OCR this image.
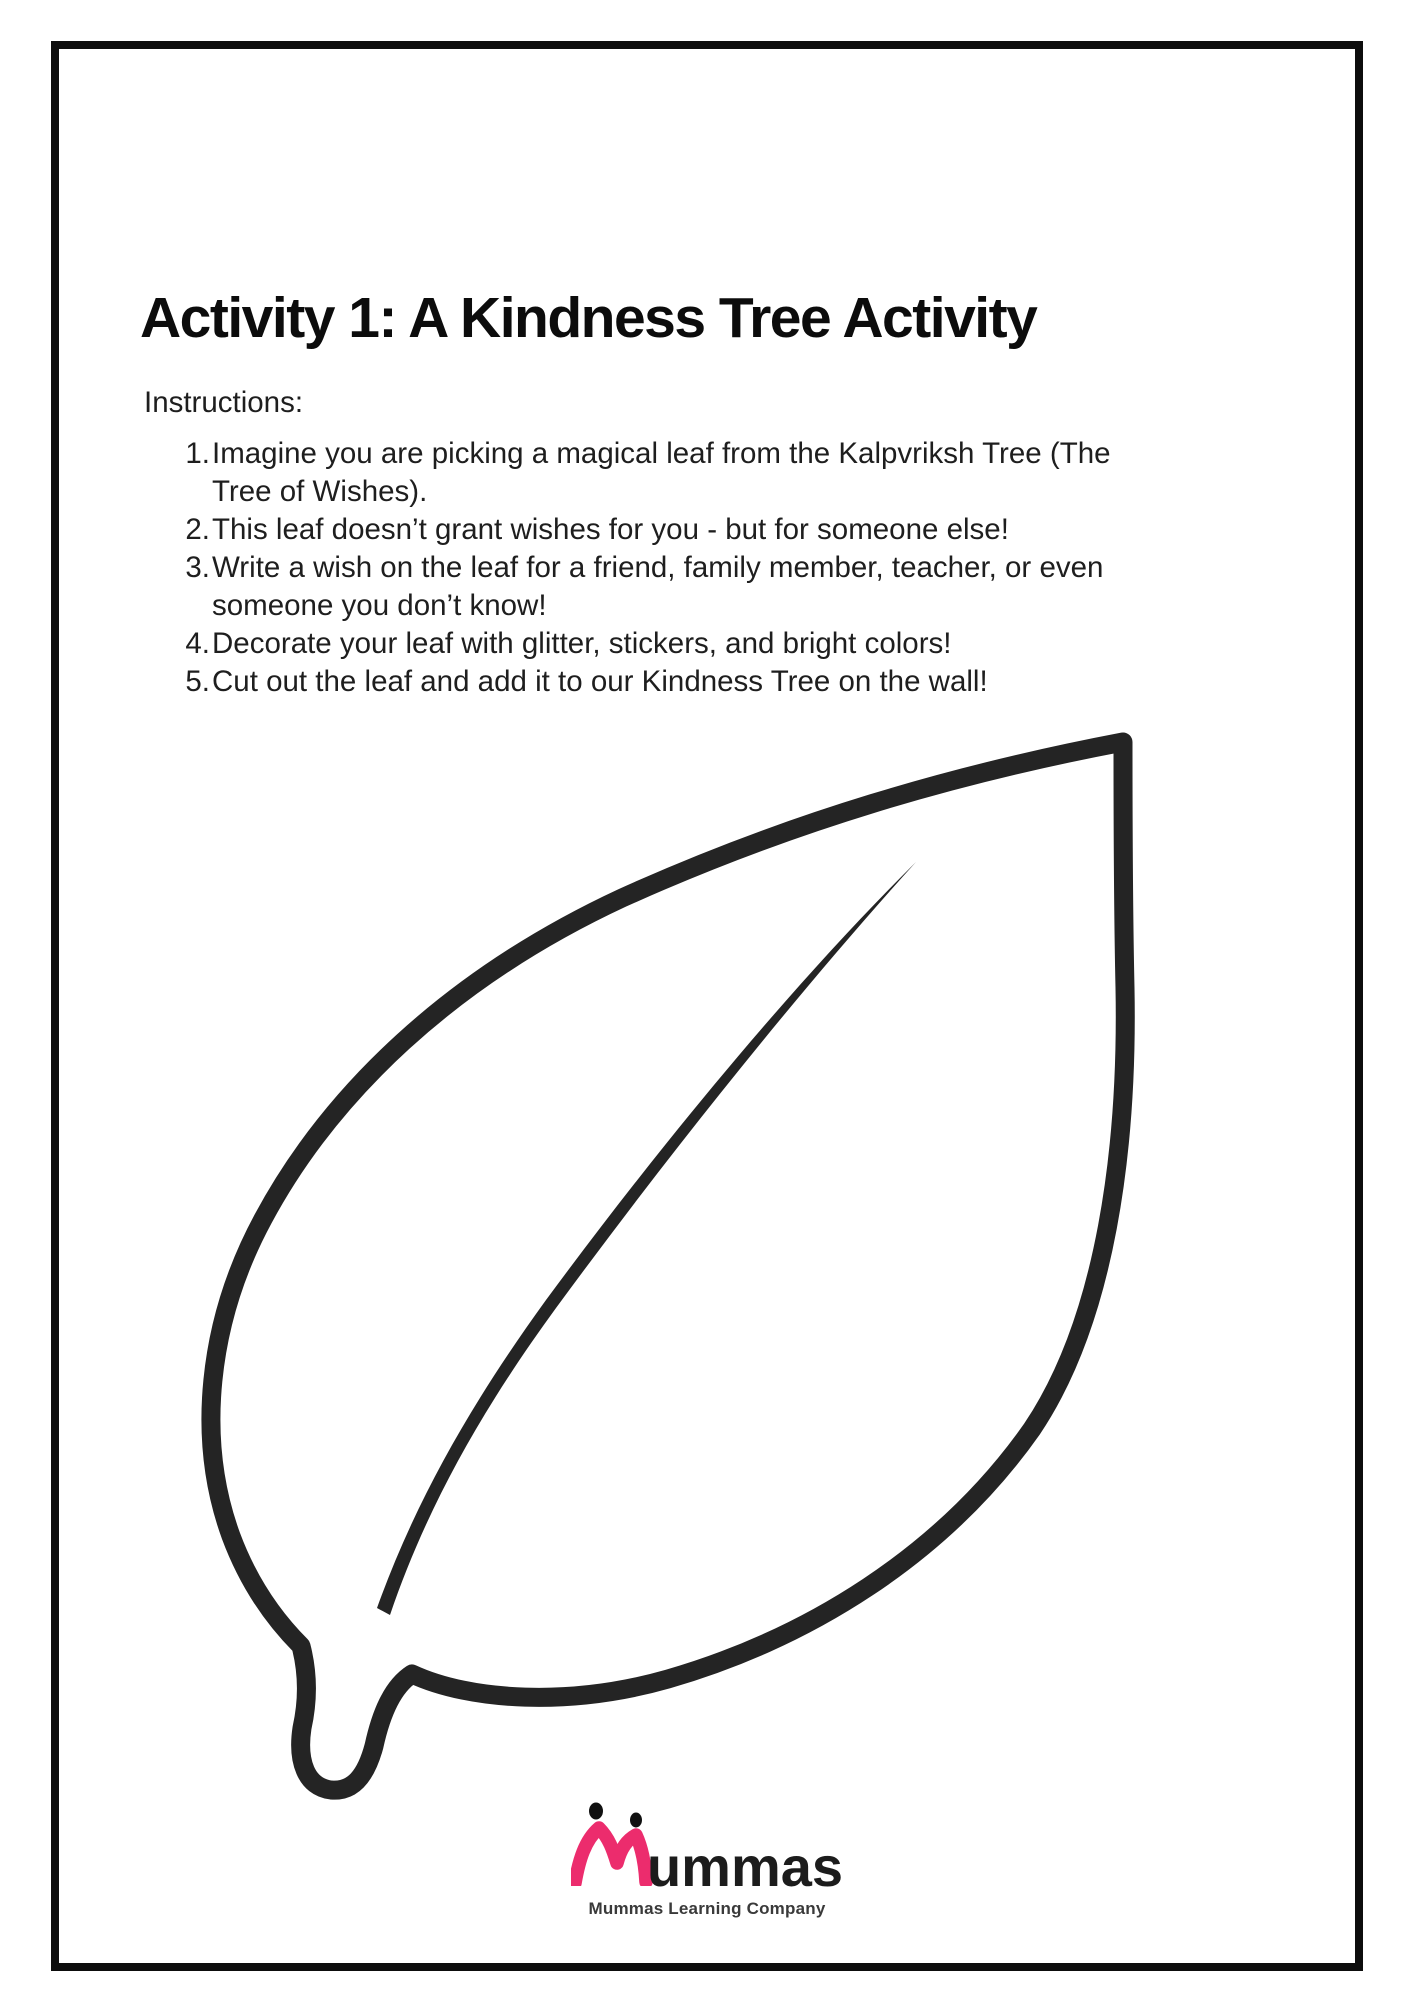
Activity 1: A Kindness Tree Activity

Instructions:

Imagine you are picking a magical leaf from the Kalpvriksh Tree (The Tree of Wishes).
This leaf doesn’t grant wishes for you - but for someone else!
Write a wish on the leaf for a friend, family member, teacher, or even someone you don’t know!
Decorate your leaf with glitter, stickers, and bright colors!
Cut out the leaf and add it to our Kindness Tree on the wall!
ummas
Mummas Learning Company
